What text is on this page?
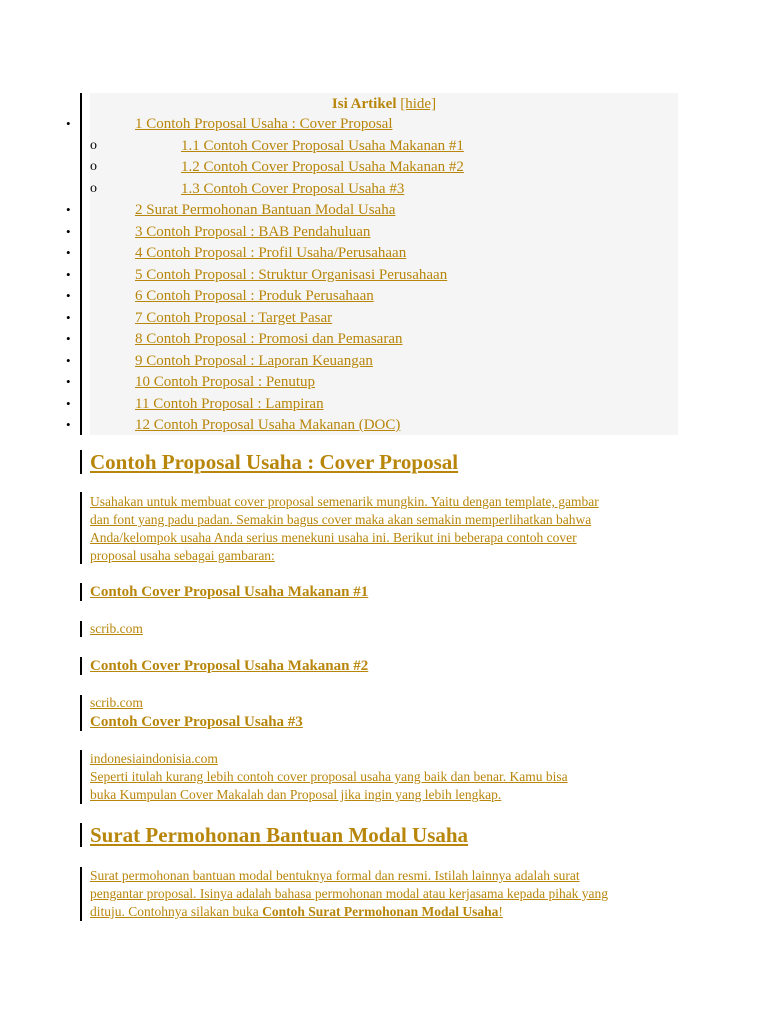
Isi Artikel [hide]
•	1 Contoh Proposal Usaha : Cover Proposal
o	1.1 Contoh Cover Proposal Usaha Makanan #1
o	1.2 Contoh Cover Proposal Usaha Makanan #2
o	1.3 Contoh Cover Proposal Usaha #3
•	2 Surat Permohonan Bantuan Modal Usaha
•	3 Contoh Proposal : BAB Pendahuluan
•	4 Contoh Proposal : Profil Usaha/Perusahaan
•	5 Contoh Proposal : Struktur Organisasi Perusahaan
•	6 Contoh Proposal : Produk Perusahaan
•	7 Contoh Proposal : Target Pasar
•	8 Contoh Proposal : Promosi dan Pemasaran
•	9 Contoh Proposal : Laporan Keuangan
•	10 Contoh Proposal : Penutup
•	11 Contoh Proposal : Lampiran
•	12 Contoh Proposal Usaha Makanan (DOC)
Contoh Proposal Usaha : Cover Proposal
Usahakan untuk membuat cover proposal semenarik mungkin. Yaitu dengan template, gambar
dan font yang padu padan. Semakin bagus cover maka akan semakin memperlihatkan bahwa
Anda/kelompok usaha Anda serius menekuni usaha ini. Berikut ini beberapa contoh cover
proposal usaha sebagai gambaran:
Contoh Cover Proposal Usaha Makanan #1
scrib.com
Contoh Cover Proposal Usaha Makanan #2
scrib.com
Contoh Cover Proposal Usaha #3
indonesiaindonisia.com
Seperti itulah kurang lebih contoh cover proposal usaha yang baik dan benar. Kamu bisa
buka Kumpulan Cover Makalah dan Proposal jika ingin yang lebih lengkap.
Surat Permohonan Bantuan Modal Usaha
Surat permohonan bantuan modal bentuknya formal dan resmi. Istilah lainnya adalah surat
pengantar proposal. Isinya adalah bahasa permohonan modal atau kerjasama kepada pihak yang
dituju. Contohnya silakan buka Contoh Surat Permohonan Modal Usaha!
